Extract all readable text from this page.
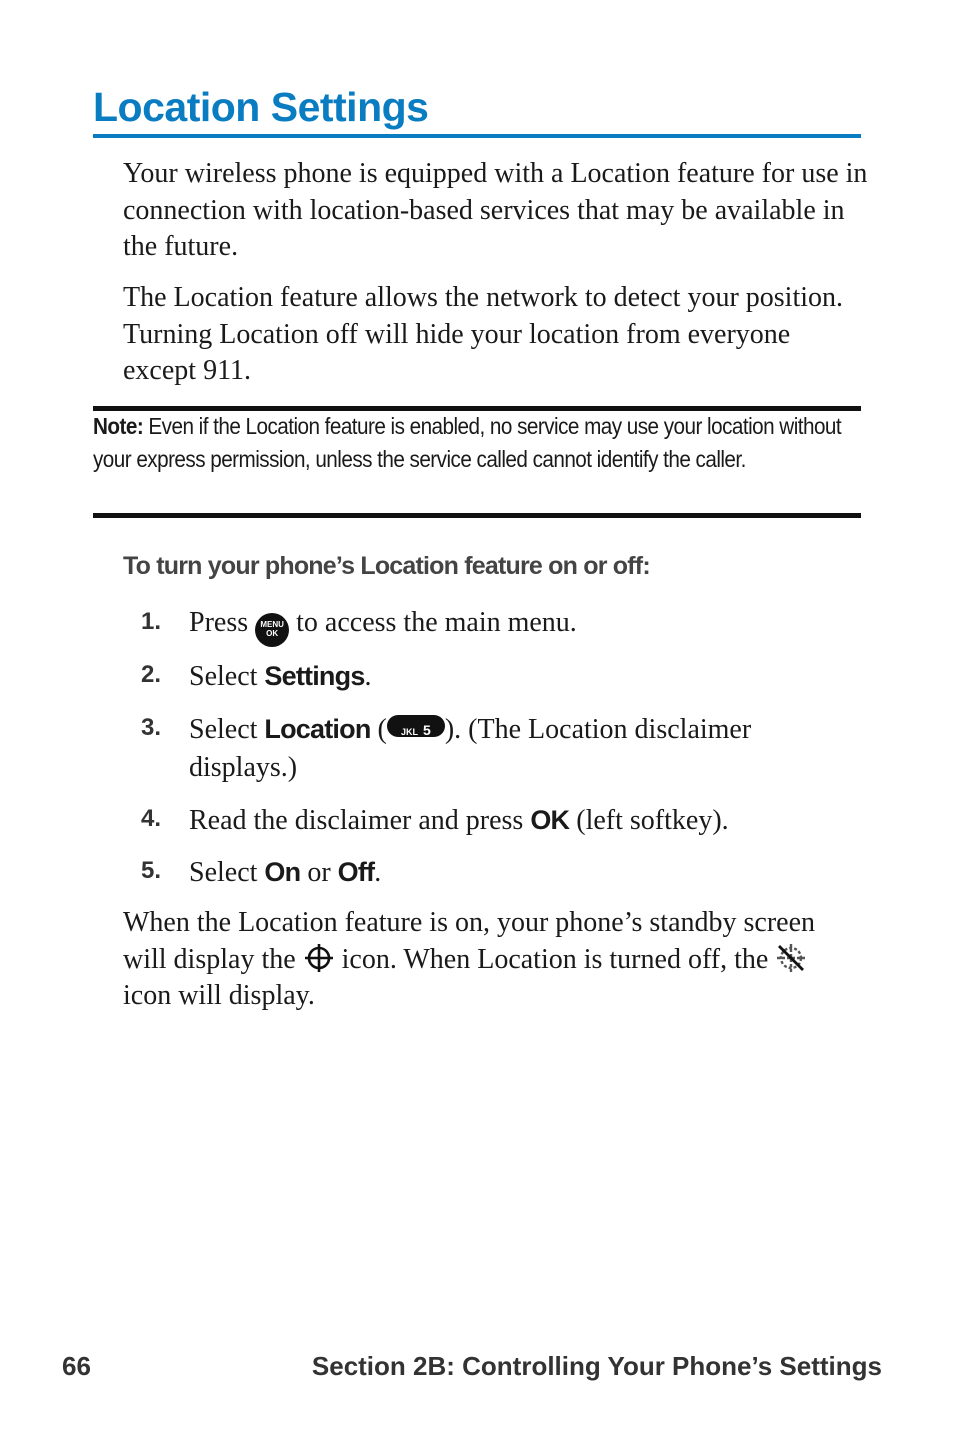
Location Settings

Your wireless phone is equipped with a Location feature for use in connection with location-based services that may be available in the future.

The Location feature allows the network to detect your position. Turning Location off will hide your location from everyone except 911.

Note: Even if the Location feature is enabled, no service may use your location without your express permission, unless the service called cannot identify the caller.

To turn your phone’s Location feature on or off:

1. Press MENU
OK to access the main menu.
2. Select Settings.
3. Select Location ( JKL 5 ). (The Location disclaimer displays.)
4. Read the disclaimer and press OK (left softkey).
5. Select On or Off.

When the Location feature is on, your phone’s standby screen will display the icon. When Location is turned off, the  icon will display.

66	Section 2B: Controlling Your Phone’s Settings
